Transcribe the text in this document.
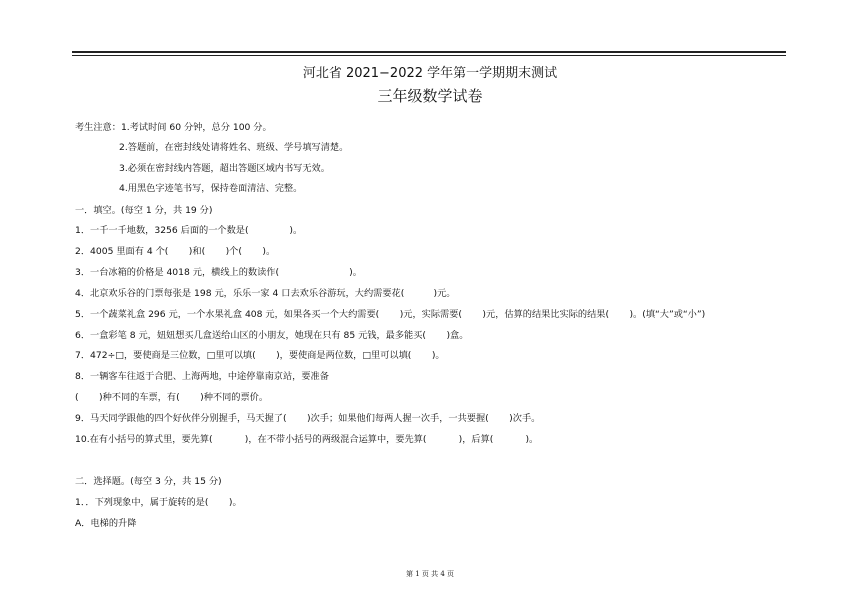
河北省 2021−2022 学年第一学期期末测试
三年级数学试卷
考生注意：1.考试时间 60 分钟，总分 100 分。
2.答题前，在密封线处请将姓名、班级、学号填写清楚。
3.必须在密封线内答题，超出答题区域内书写无效。
4.用黑色字迹笔书写，保持卷面清洁、完整。
一．填空。(每空 1 分，共 19 分)
1．一千一千地数，3256 后面的一个数是(              )。
2．4005 里面有 4 个(       )和(       )个(       )。
3．一台冰箱的价格是 4018 元，横线上的数读作(                        )。
4．北京欢乐谷的门票每张是 198 元，乐乐一家 4 口去欢乐谷游玩，大约需要花(          )元。
5．一个蔬菜礼盒 296 元，一个水果礼盒 408 元，如果各买一个大约需要(       )元，实际需要(       )元，估算的结果比实际的结果(       )。(填“大”或“小”)
6．一盒彩笔 8 元，妞妞想买几盒送给山区的小朋友，她现在只有 85 元钱，最多能买(       )盒。
7．472÷□，要使商是三位数，□里可以填(       )，要使商是两位数，□里可以填(       )。
8．一辆客车往返于合肥、上海两地，中途停靠南京站，要准备
(       )种不同的车票，有(       )种不同的票价。
9．马天同学跟他的四个好伙伴分别握手，马天握了(       )次手；如果他们每两人握一次手，一共要握(       )次手。
10.在有小括号的算式里，要先算(           )，在不带小括号的两级混合运算中，要先算(           )，后算(           )。
二．选择题。(每空 3 分，共 15 分)
1．．下列现象中，属于旋转的是(       )。
A．电梯的升降
第 1 页 共 4 页
